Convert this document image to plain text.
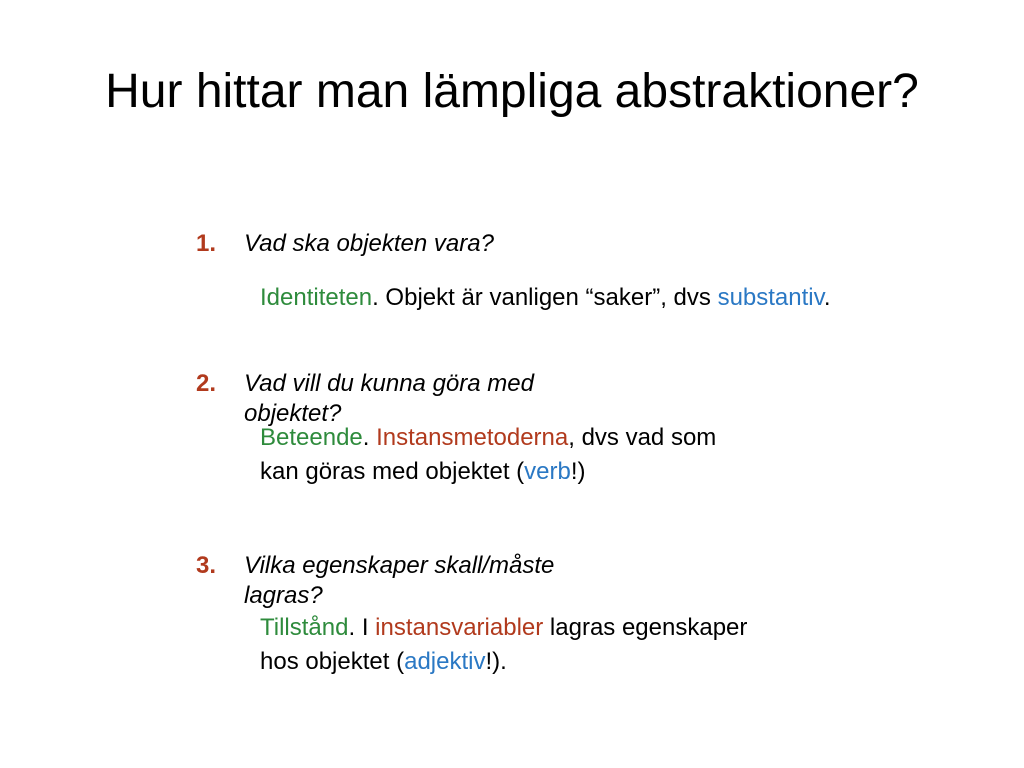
Hur hittar man lämpliga abstraktioner?
1. Vad ska objekten vara?
Identiteten. Objekt är vanligen “saker”, dvs substantiv.
2. Vad vill du kunna göra med objektet?
Beteende. Instansmetoderna, dvs vad som
kan göras med objektet (verb!)
3. Vilka egenskaper skall/måste lagras?
Tillstånd. I instansvariabler lagras egenskaper
hos objektet (adjektiv!).
